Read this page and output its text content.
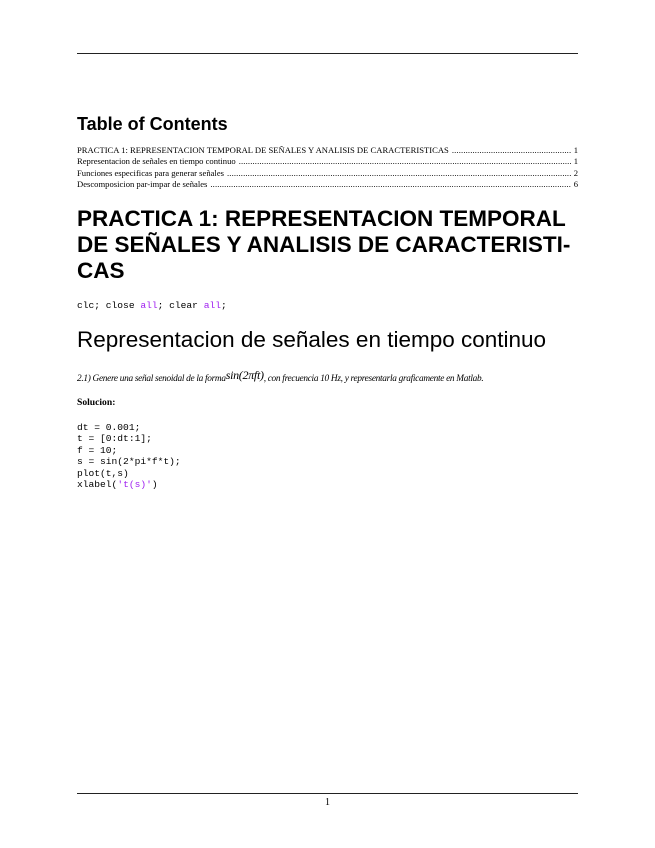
Table of Contents
PRACTICA 1: REPRESENTACION TEMPORAL DE SEÑALES Y ANALISIS DE CARACTERISTICAS . . .	1
Representacion de señales en tiempo continuo . . .	1
Funciones especificas para generar señales . . .	2
Descomposicion par-impar de señales . . .	6
PRACTICA 1: REPRESENTACION TEMPORAL
DE SEÑALES Y ANALISIS DE CARACTERISTI-
CAS
clc; close all; clear all;
Representacion de señales en tiempo continuo
2.1) Genere una señal senoidal de la formasin(2πft), con frecuencia 10 Hz, y representarla graficamente en Matlab.
Solucion:
dt = 0.001;
t = [0:dt:1];
f = 10;
s = sin(2*pi*f*t);
plot(t,s)
xlabel('t(s)')
1
